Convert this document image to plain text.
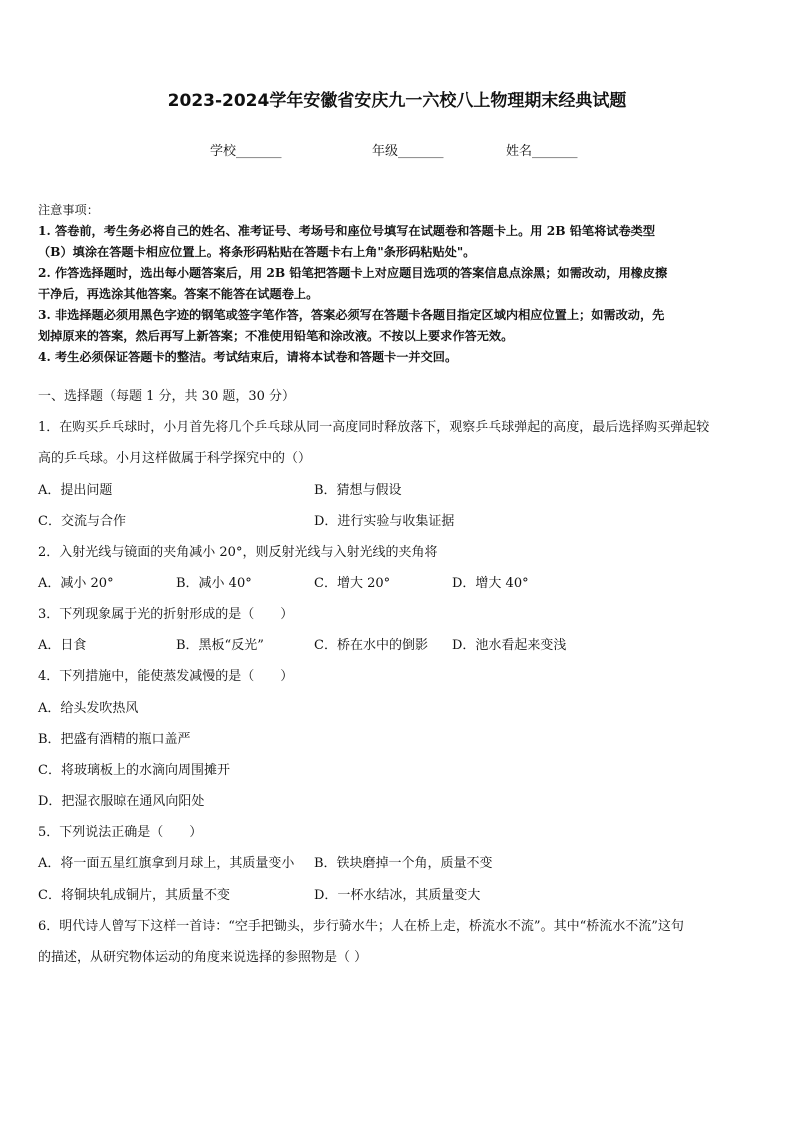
2023-2024学年安徽省安庆九一六校八上物理期末经典试题
学校_______	年级_______	姓名_______
注意事项：
1. 答卷前，考生务必将自己的姓名、准考证号、考场号和座位号填写在试题卷和答题卡上。用 2B 铅笔将试卷类型
（B）填涂在答题卡相应位置上。将条形码粘贴在答题卡右上角"条形码粘贴处"。
2. 作答选择题时，选出每小题答案后，用 2B 铅笔把答题卡上对应题目选项的答案信息点涂黑；如需改动，用橡皮擦
干净后，再选涂其他答案。答案不能答在试题卷上。
3. 非选择题必须用黑色字迹的钢笔或签字笔作答，答案必须写在答题卡各题目指定区域内相应位置上；如需改动，先
划掉原来的答案，然后再写上新答案；不准使用铅笔和涂改液。不按以上要求作答无效。
4. 考生必须保证答题卡的整洁。考试结束后，请将本试卷和答题卡一并交回。
一、选择题（每题 1 分，共 30 题，30 分）
1．在购买乒乓球时，小月首先将几个乒乓球从同一高度同时释放落下，观察乒乓球弹起的高度，最后选择购买弹起较
高的乒乓球。小月这样做属于科学探究中的（）
A．提出问题	B．猜想与假设
C．交流与合作	D．进行实验与收集证据
2．入射光线与镜面的夹角减小 20°，则反射光线与入射光线的夹角将
A．减小 20°	B．减小 40°	C．增大 20°	D．增大 40°
3．下列现象属于光的折射形成的是（　　）
A．日食	B．黑板“反光”	C．桥在水中的倒影 D．池水看起来变浅
4．下列措施中，能使蒸发减慢的是（　　）
A．给头发吹热风
B．把盛有酒精的瓶口盖严
C．将玻璃板上的水滴向周围摊开
D．把湿衣服晾在通风向阳处
5．下列说法正确是（　　）
A．将一面五星红旗拿到月球上，其质量变小 B．铁块磨掉一个角，质量不变
C．将铜块轧成铜片，其质量不变	D．一杯水结冰，其质量变大
6．明代诗人曾写下这样一首诗：“空手把锄头，步行骑水牛；人在桥上走，桥流水不流”。其中“桥流水不流”这句
的描述，从研究物体运动的角度来说选择的参照物是（ ）
